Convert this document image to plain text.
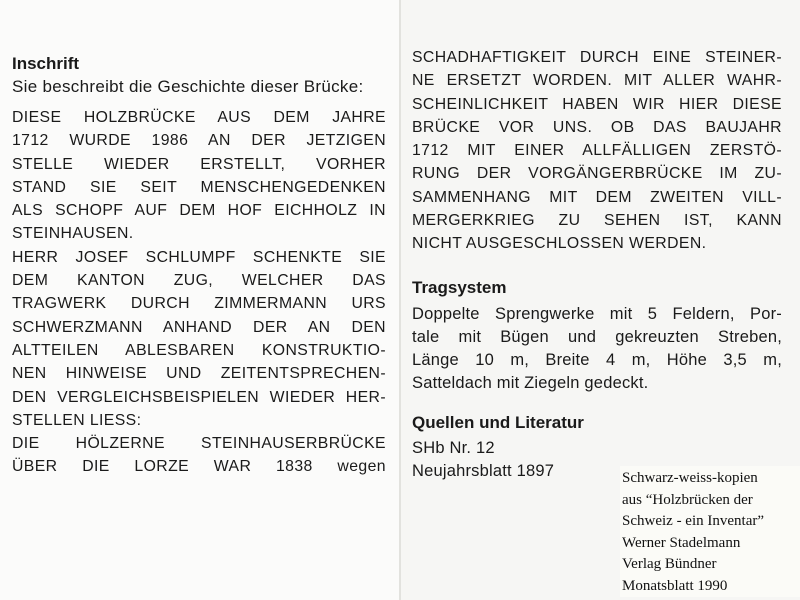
Inschrift

Sie beschreibt die Geschichte dieser Brücke:

DIESE HOLZBRÜCKE AUS DEM JAHRE
1712 WURDE 1986 AN DER JETZIGEN
STELLE WIEDER ERSTELLT, VORHER
STAND SIE SEIT MENSCHENGEDENKEN
ALS SCHOPF AUF DEM HOF EICHHOLZ IN
STEINHAUSEN.
HERR JOSEF SCHLUMPF SCHENKTE SIE
DEM KANTON ZUG, WELCHER DAS
TRAGWERK DURCH ZIMMERMANN URS
SCHWERZMANN ANHAND DER AN DEN
ALTTEILEN ABLESBAREN KONSTRUKTIO-
NEN HINWEISE UND ZEITENTSPRECHEN-
DEN VERGLEICHSBEISPIELEN WIEDER HER-
STELLEN LIESS:
DIE HÖLZERNE STEINHAUSERBRÜCKE
ÜBER DIE LORZE WAR 1838 wegen
SCHADHAFTIGKEIT DURCH EINE STEINER-
NE ERSETZT WORDEN. MIT ALLER WAHR-
SCHEINLICHKEIT HABEN WIR HIER DIESE
BRÜCKE VOR UNS. OB DAS BAUJAHR
1712 MIT EINER ALLFÄLLIGEN ZERSTÖ-
RUNG DER VORGÄNGERBRÜCKE IM ZU-
SAMMENHANG MIT DEM ZWEITEN VILL-
MERGERKRIEG ZU SEHEN IST, KANN
NICHT AUSGESCHLOSSEN WERDEN.

Tragsystem

Doppelte Sprengwerke mit 5 Feldern, Por-
tale mit Bügen und gekreuzten Streben,
Länge 10 m, Breite 4 m, Höhe 3,5 m,
Satteldach mit Ziegeln gedeckt.

Quellen und Literatur

SHb Nr. 12
Neujahrsblatt 1897	Schwarz-weiss-kopien
aus “Holzbrücken der
Schweiz - ein Inventar”
Werner Stadelmann
Verlag Bündner
Monatsblatt 1990
